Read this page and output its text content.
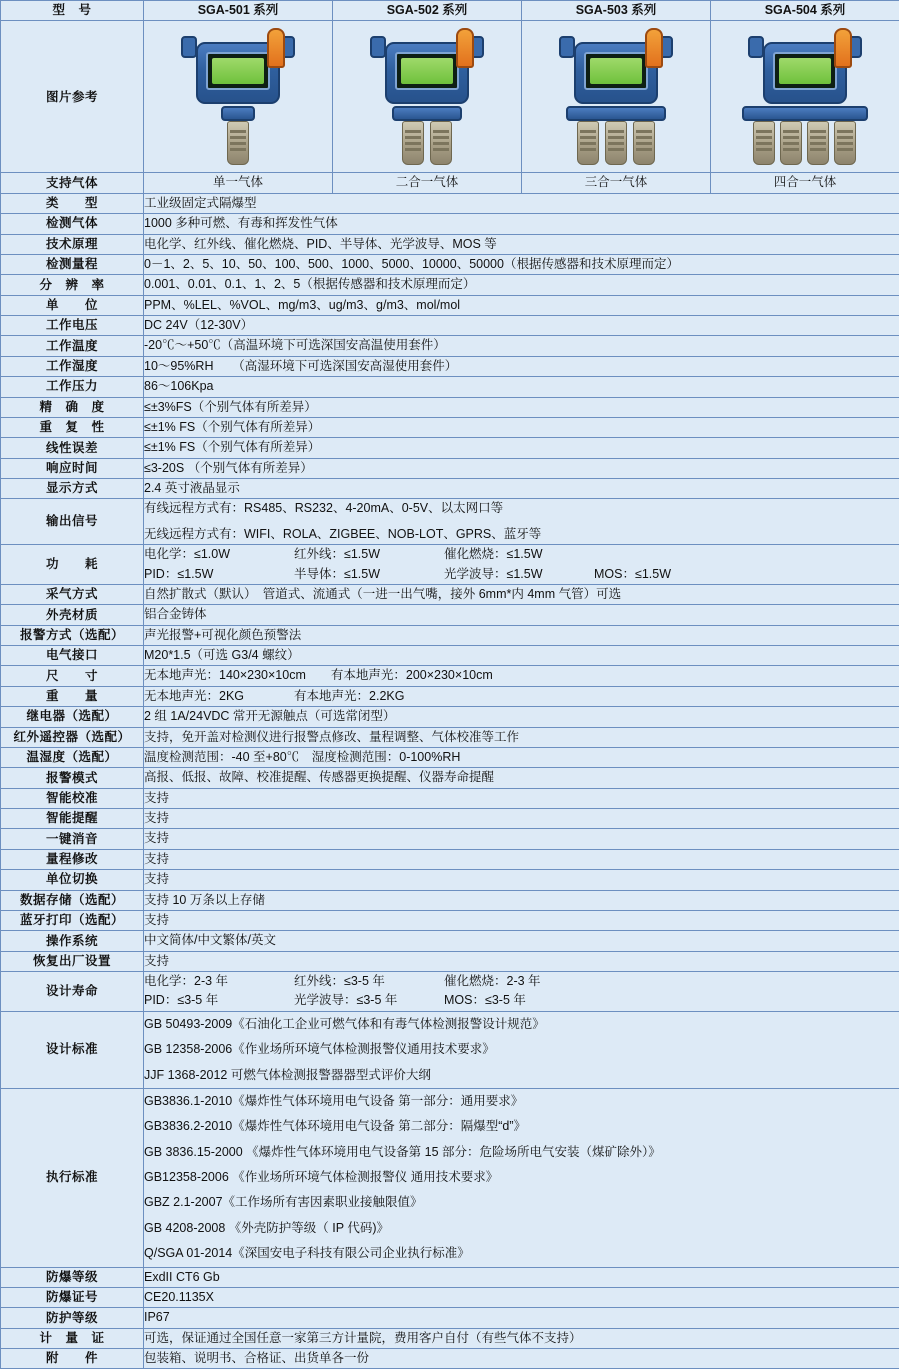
型　号	SGA-501 系列	SGA-502 系列	SGA-503 系列	SGA-504 系列
图片参考	

支持气体	单一气体	二合一气体	三合一气体	四合一气体
类　　型	工业级固定式隔爆型			
检测气体	1000 多种可燃、有毒和挥发性气体			
技术原理	电化学、红外线、催化燃烧、PID、半导体、光学波导、MOS 等			
检测量程	0－1、2、5、10、50、100、500、1000、5000、10000、50000（根据传感器和技术原理而定）			
分　辨　率	0.001、0.01、0.1、1、2、5（根据传感器和技术原理而定）			
单　　位	PPM、%LEL、%VOL、mg/m3、ug/m3、g/m3、mol/mol			
工作电压	DC 24V（12-30V）			
工作温度	-20℃～+50℃（高温环境下可选深国安高温使用套件）			
工作湿度	10～95%RH　　（高湿环境下可选深国安高湿使用套件）			
工作压力	86～106Kpa			
精　确　度	≤±3%FS（个别气体有所差异）			
重　复　性	≤±1% FS（个别气体有所差异）			
线性误差	≤±1% FS（个别气体有所差异）			
响应时间	≤3-20S （个别气体有所差异）			
显示方式	2.4 英寸液晶显示			
输出信号	有线远程方式有：RS485、RS232、4-20mA、0-5V、以太网口等
无线远程方式有：WIFI、ROLA、ZIGBEE、NOB-LOT、GPRS、蓝牙等			

功　　耗	
电化学：≤1.0W	红外线：≤1.5W	催化燃烧：≤1.5W
PID：≤1.5W	半导体：≤1.5W	光学波导：≤1.5W	MOS：≤1.5W

采气方式	自然扩散式（默认）　管道式、流通式（一进一出气嘴，接外 6mm*内 4mm 气管）可选			
外壳材质	铝合金铸体			
报警方式（选配）	声光报警+可视化颜色预警法			
电气接口	M20*1.5（可选 G3/4 螺纹）			
尺　　寸	无本地声光：140×230×10cm　　有本地声光：200×230×10cm			
重　　量	无本地声光：2KG　　　　有本地声光：2.2KG			
继电器（选配）	2 组 1A/24VDC 常开无源触点（可选常闭型）			
红外遥控器（选配）	支持，免开盖对检测仪进行报警点修改、量程调整、气体校准等工作			
温湿度（选配）	温度检测范围：-40 至+80℃　湿度检测范围：0-100%RH			
报警模式	高报、低报、故障、校准提醒、传感器更换提醒、仪器寿命提醒			
智能校准	支持			
智能提醒	支持			
一键消音	支持			
量程修改	支持			
单位切换	支持			
数据存储（选配）	支持 10 万条以上存储			
蓝牙打印（选配）	支持			
操作系统	中文简体/中文繁体/英文			
恢复出厂设置	支持			
设计寿命	
电化学：2-3 年	红外线：≤3-5 年	催化燃烧：2-3 年
PID：≤3-5 年	光学波导：≤3-5 年	MOS：≤3-5 年

设计标准	GB 50493-2009《石油化工企业可燃气体和有毒气体检测报警设计规范》
GB 12358-2006《作业场所环境气体检测报警仪通用技术要求》
JJF 1368-2012 可燃气体检测报警器器型式评价大纲			

执行标准	
GB3836.1-2010《爆炸性气体环境用电气设备 第一部分：通用要求》
GB3836.2-2010《爆炸性气体环境用电气设备 第二部分：隔爆型“d”》
GB 3836.15-2000 《爆炸性气体环境用电气设备第 15 部分：危险场所电气安装（煤矿除外）》
GB12358-2006 《作业场所环境气体检测报警仪 通用技术要求》
GBZ 2.1-2007《工作场所有害因素职业接触限值》
GB 4208-2008 《外壳防护等级（ IP 代码)》
Q/SGA 01-2014《深国安电子科技有限公司企业执行标准》

防爆等级	ExdII CT6 Gb			
防爆证号	CE20.1135X			
防护等级	IP67			
计　量　证	可选，保证通过全国任意一家第三方计量院，费用客户自付（有些气体不支持）			
附　　件	包装箱、说明书、合格证、出货单各一份			
